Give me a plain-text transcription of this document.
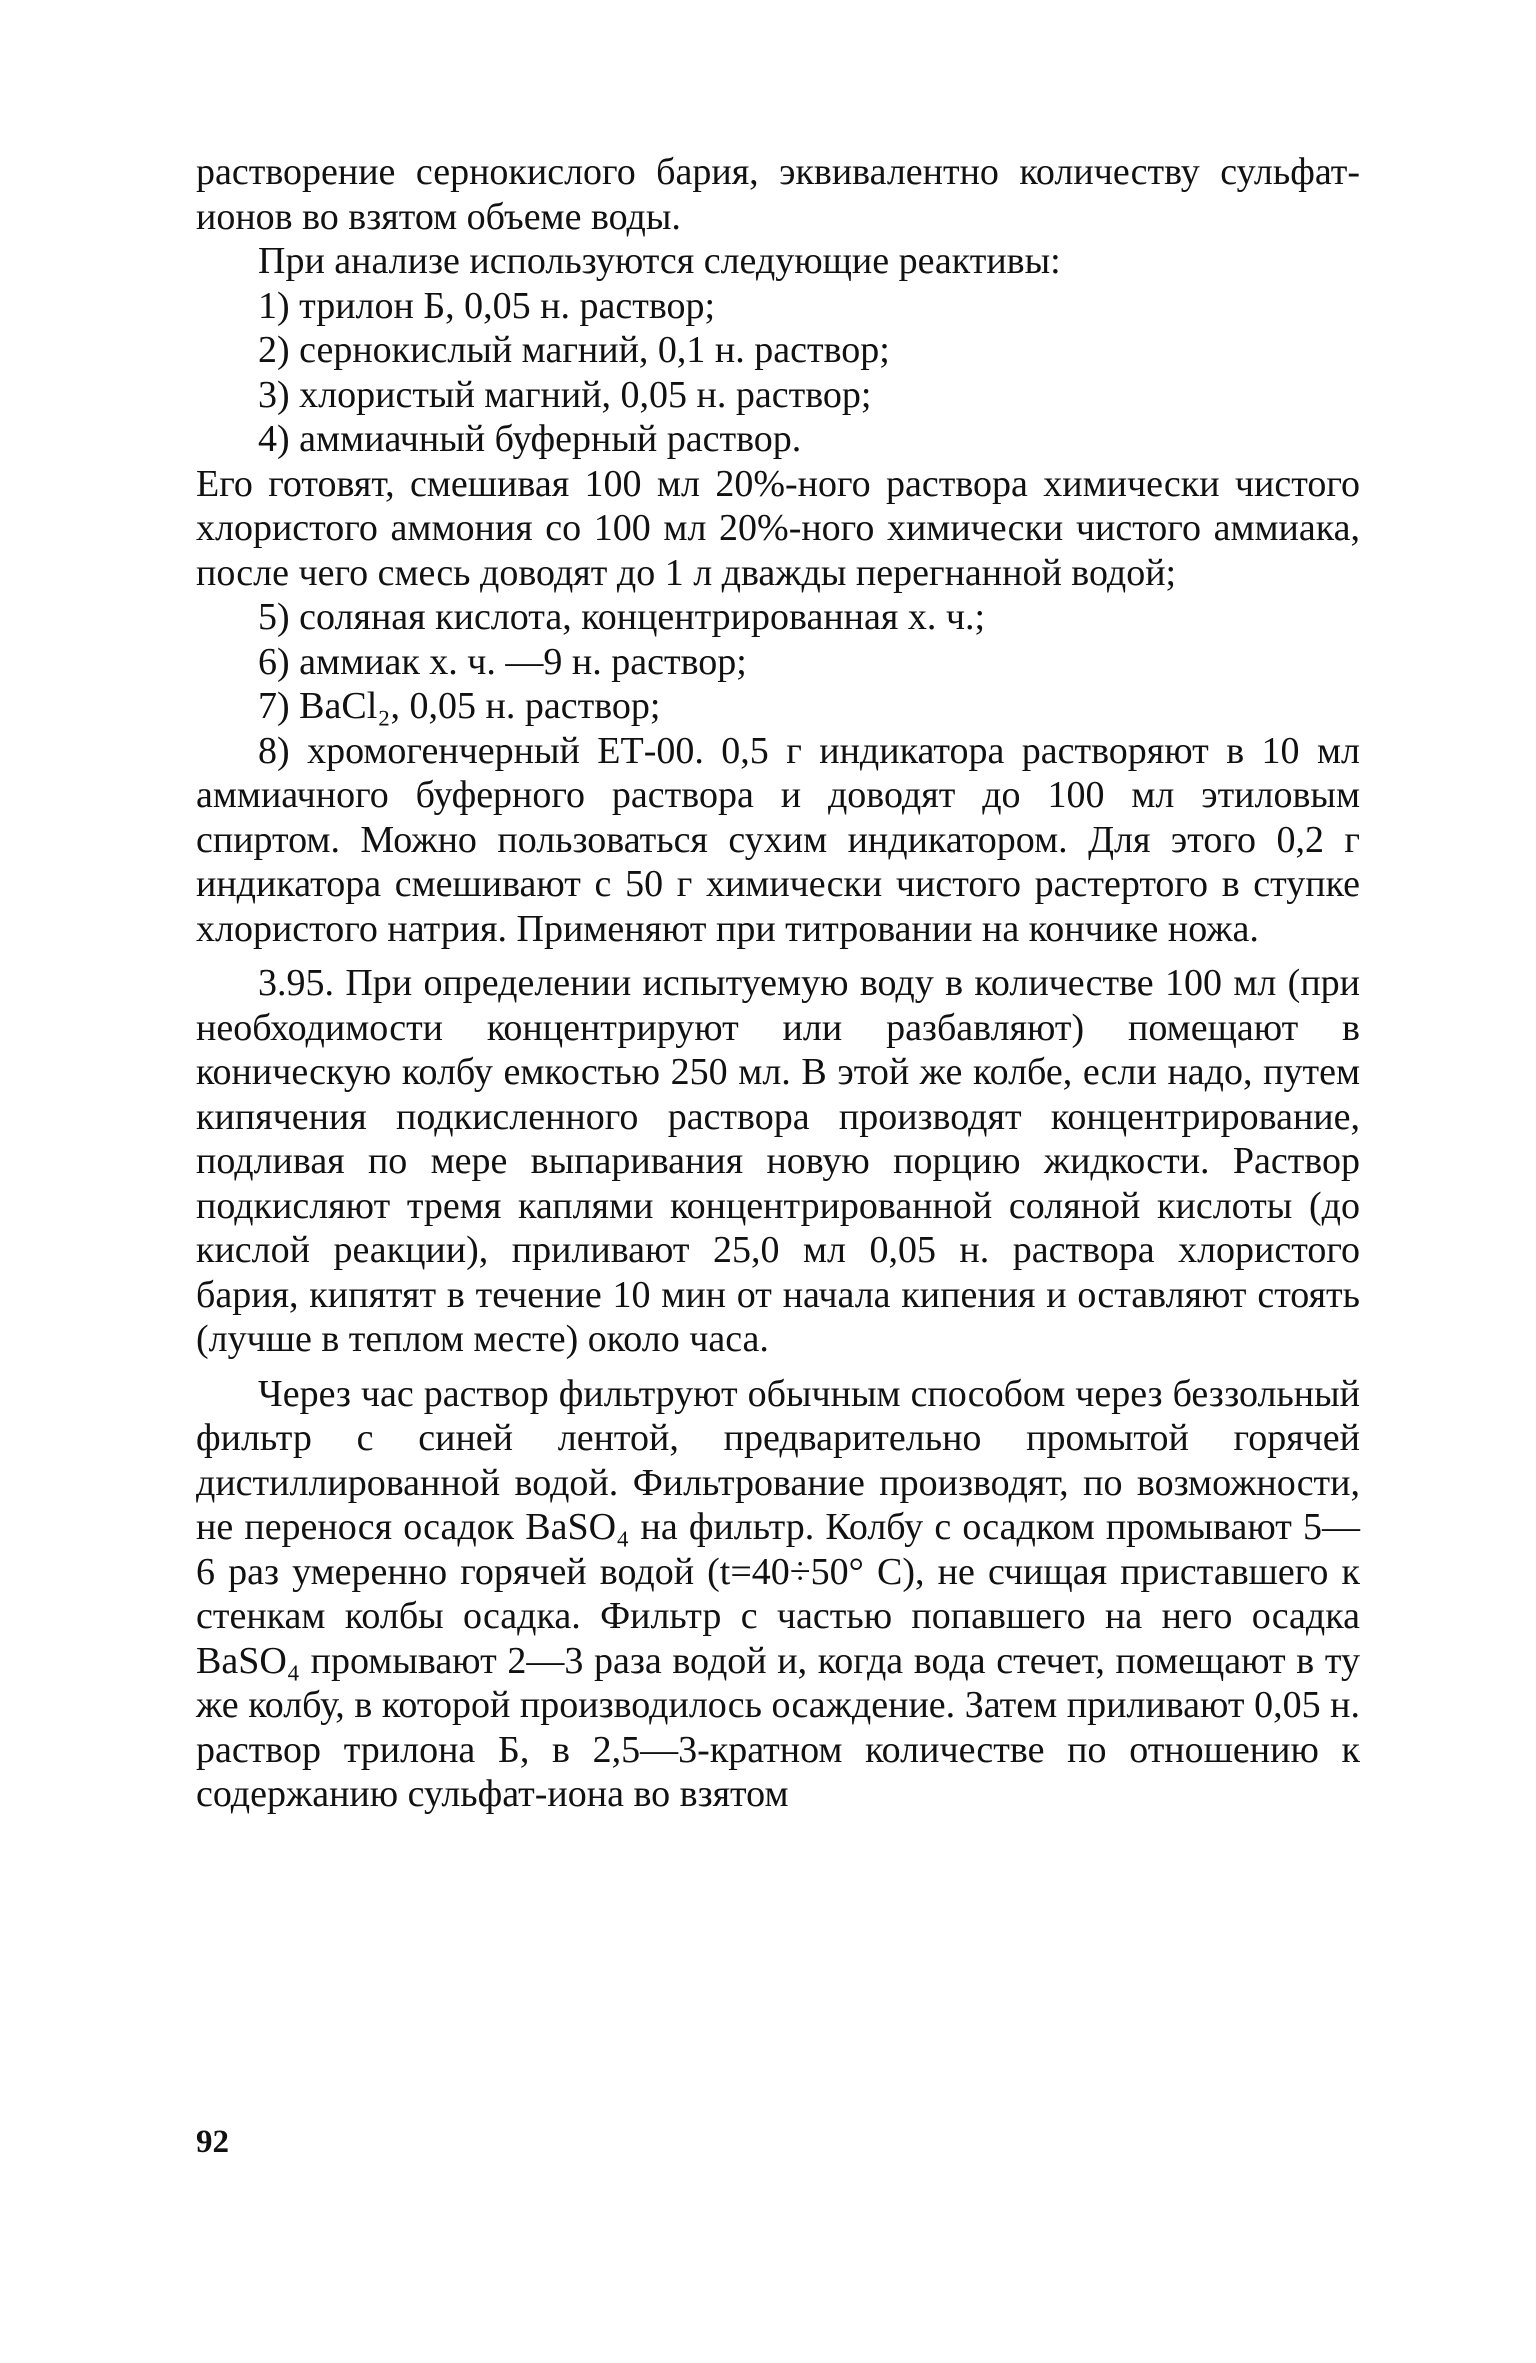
растворение сернокислого бария, эквивалентно количеству сульфат-ионов во взятом объеме воды.

При анализе используются следующие реактивы:

1) трилон Б, 0,05 н. раствор;

2) сернокислый магний, 0,1 н. раствор;

3) хлористый магний, 0,05 н. раствор;

4) аммиачный буферный раствор.

Его готовят, смешивая 100 мл 20%-ного раствора химически чистого хлористого аммония со 100 мл 20%-ного химически чистого аммиака, после чего смесь доводят до 1 л дважды перегнанной водой;

5) соляная кислота, концентрированная х. ч.;

6) аммиак х. ч. —9 н. раствор;

7) BaCl₂, 0,05 н. раствор;

8) хромогенчерный ЕТ-00. 0,5 г индикатора растворяют в 10 мл аммиачного буферного раствора и доводят до 100 мл этиловым спиртом. Можно пользоваться сухим индикатором. Для этого 0,2 г индикатора смешивают с 50 г химически чистого растертого в ступке хлористого натрия. Применяют при титровании на кончике ножа.

3.95. При определении испытуемую воду в количестве 100 мл (при необходимости концентрируют или разбавляют) помещают в коническую колбу емкостью 250 мл. В этой же колбе, если надо, путем кипячения подкисленного раствора производят концентрирование, подливая по мере выпаривания новую порцию жидкости. Раствор подкисляют тремя каплями концентрированной соляной кислоты (до кислой реакции), приливают 25,0 мл 0,05 н. раствора хлористого бария, кипятят в течение 10 мин от начала кипения и оставляют стоять (лучше в теплом месте) около часа.

Через час раствор фильтруют обычным способом через беззольный фильтр с синей лентой, предварительно промытой горячей дистиллированной водой. Фильтрование производят, по возможности, не перенося осадок BaSO₄ на фильтр. Колбу с осадком промывают 5—6 раз умеренно горячей водой (t=40÷50° C), не счищая приставшего к стенкам колбы осадка. Фильтр с частью попавшего на него осадка BaSO₄ промывают 2—3 раза водой и, когда вода стечет, помещают в ту же колбу, в которой производилось осаждение. Затем приливают 0,05 н. раствор трилона Б, в 2,5—3-кратном количестве по отношению к содержанию сульфат-иона во взятом

92
